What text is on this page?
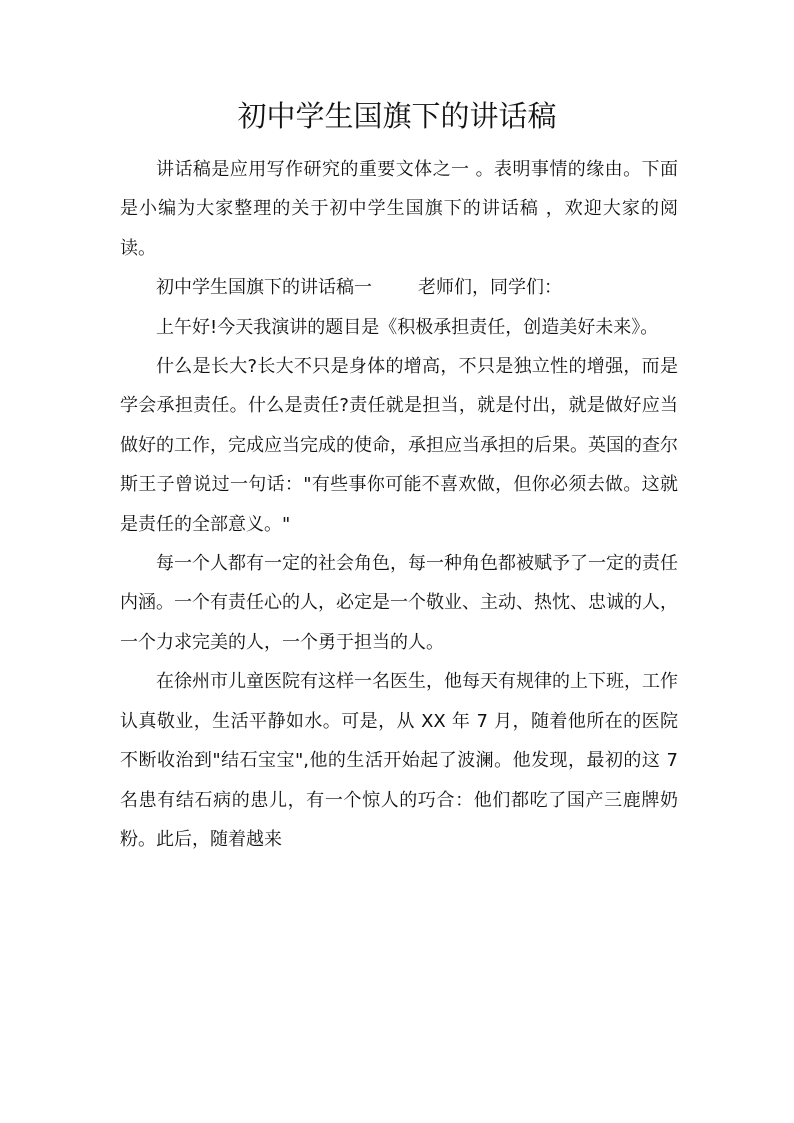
初中学生国旗下的讲话稿

讲话稿是应用写作研究的重要文体之一 。表明事情的缘由。下面是小编为大家整理的关于初中学生国旗下的讲话稿 ，欢迎大家的阅读。

初中学生国旗下的讲话稿一	老师们，同学们：

上午好!今天我演讲的题目是《积极承担责任，创造美好未来》。

什么是长大?长大不只是身体的增高，不只是独立性的增强，而是学会承担责任。什么是责任?责任就是担当，就是付出，就是做好应当做好的工作，完成应当完成的使命，承担应当承担的后果。英国的查尔斯王子曾说过一句话："有些事你可能不喜欢做，但你必须去做。这就是责任的全部意义。"

每一个人都有一定的社会角色，每一种角色都被赋予了一定的责任内涵。一个有责任心的人，必定是一个敬业、主动、热忱、忠诚的人，一个力求完美的人，一个勇于担当的人。

在徐州市儿童医院有这样一名医生，他每天有规律的上下班，工作认真敬业，生活平静如水。可是，从 XX 年 7 月，随着他所在的医院不断收治到"结石宝宝",他的生活开始起了波澜。他发现，最初的这 7 名患有结石病的患儿，有一个惊人的巧合：他们都吃了国产三鹿牌奶粉。此后，随着越来
